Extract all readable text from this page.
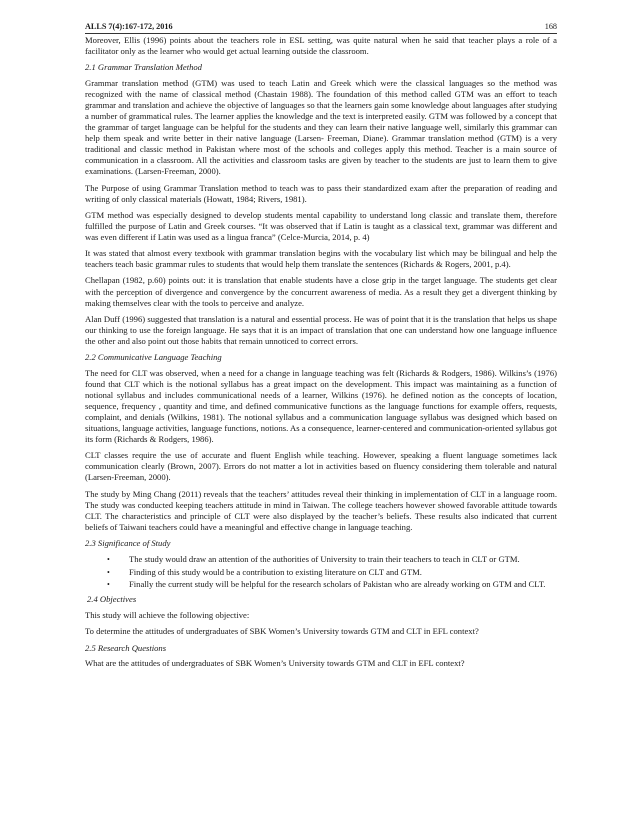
ALLS 7(4):167-172, 2016	168

Moreover, Ellis (1996) points about the teachers role in ESL setting, was quite natural when he said that teacher plays a role of a facilitator only as the learner who would get actual learning outside the classroom.

2.1 Grammar Translation Method

Grammar translation method (GTM) was used to teach Latin and Greek which were the classical languages so the method was recognized with the name of classical method (Chastain 1988). The foundation of this method called GTM was an effort to teach grammar and translation and achieve the objective of languages so that the learners gain some knowledge about languages after studying a number of grammatical rules. The learner applies the knowledge and the text is interpreted easily. GTM was followed by a concept that the grammar of target language can be helpful for the students and they can learn their native language well, similarly this grammar can help them speak and write better in their native language (Larsen- Freeman, Diane). Grammar translation method (GTM) is a very traditional and classic method in Pakistan where most of the schools and colleges apply this method. Teacher is a main source of communication in a classroom. All the activities and classroom tasks are given by teacher to the students are just to learn them to give examinations. (Larsen-Freeman, 2000).

The Purpose of using Grammar Translation method to teach was to pass their standardized exam after the preparation of reading and writing of only classical materials (Howatt, 1984; Rivers, 1981).

GTM method was especially designed to develop students mental capability to understand long classic and translate them, therefore fulfilled the purpose of Latin and Greek courses. “It was observed that if Latin is taught as a classical text, grammar was different and was even different if Latin was used as a lingua franca” (Celce-Murcia, 2014, p. 4)

It was stated that almost every textbook with grammar translation begins with the vocabulary list which may be bilingual and help the teachers teach basic grammar rules to students that would help them translate the sentences (Richards & Rogers, 2001, p.4).

Chellapan (1982, p.60) points out: it is translation that enable students have a close grip in the target language. The students get clear with the perception of divergence and convergence by the concurrent awareness of media. As a result they get a divergent thinking by making themselves clear with the tools to perceive and analyze.

Alan Duff (1996) suggested that translation is a natural and essential process. He was of point that it is the translation that helps us shape our thinking to use the foreign language. He says that it is an impact of translation that one can understand how one language influence the other and also point out those habits that remain unnoticed to correct errors.

2.2 Communicative Language Teaching

The need for CLT was observed, when a need for a change in language teaching was felt (Richards & Rodgers, 1986). Wilkins’s (1976) found that CLT which is the notional syllabus has a great impact on the development. This impact was maintaining as a function of notional syllabus and includes communicational needs of a learner, Wilkins (1976). he defined notion as the concepts of location, sequence, frequency , quantity and time, and defined communicative functions as the language functions for example offers, requests, complaint, and denials (Wilkins, 1981). The notional syllabus and a communication language syllabus was designed which based on situations, language activities, language functions, notions. As a consequence, learner-centered and communication-oriented syllabus got its form (Richards & Rodgers, 1986).

CLT classes require the use of accurate and fluent English while teaching. However, speaking a fluent language sometimes lack communication clearly (Brown, 2007). Errors do not matter a lot in activities based on fluency considering them tolerable and natural (Larsen-Freeman, 2000).

The study by Ming Chang (2011) reveals that the teachers’ attitudes reveal their thinking in implementation of CLT in a language room. The study was conducted keeping teachers attitude in mind in Taiwan. The college teachers however showed favorable attitude towards CLT. The characteristics and principle of CLT were also displayed by the teacher’s beliefs. These results also indicated that current beliefs of Taiwani teachers could have a meaningful and effective change in language teaching.

2.3 Significance of Study
• The study would draw an attention of the authorities of University to train their teachers to teach in CLT or GTM.
• Finding of this study would be a contribution to existing literature on CLT and GTM.
• Finally the current study will be helpful for the research scholars of Pakistan who are already working on GTM and CLT.
2.4 Objectives

This study will achieve the following objective:

To determine the attitudes of undergraduates of SBK Women’s University towards GTM and CLT in EFL context?

2.5 Research Questions

What are the attitudes of undergraduates of SBK Women’s University towards GTM and CLT in EFL context?
